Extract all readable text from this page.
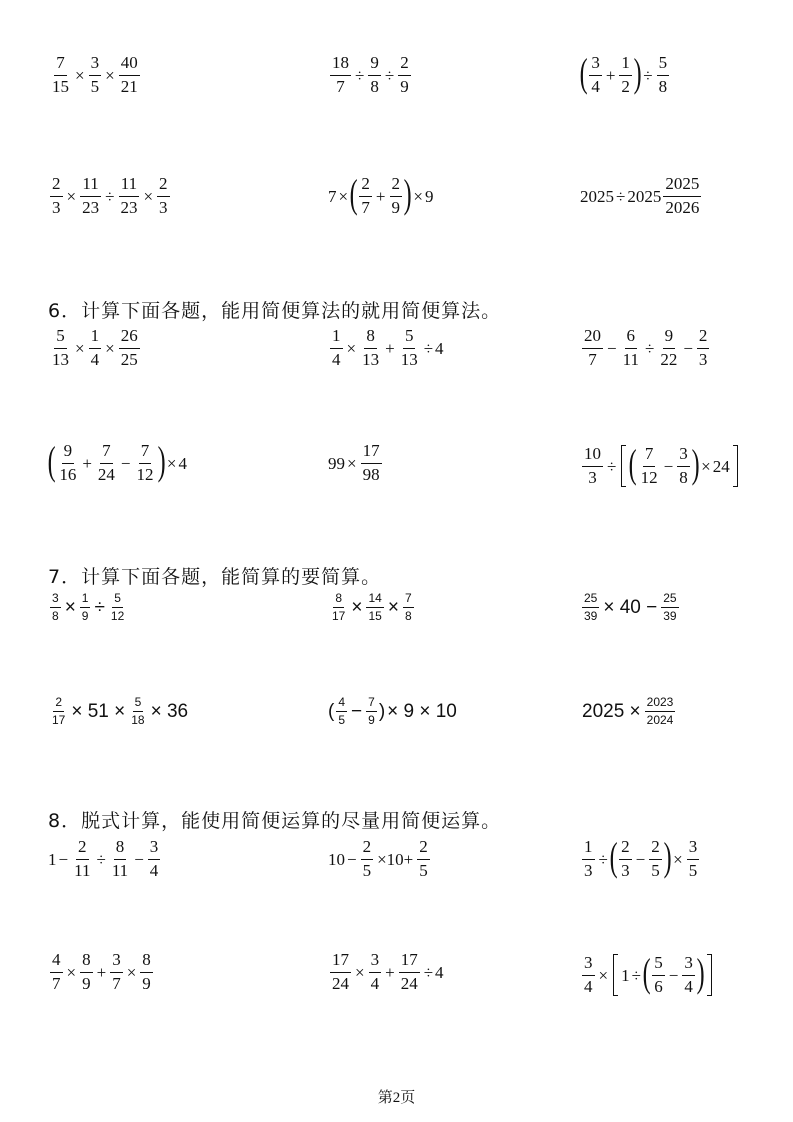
$\frac{7}{15} \times \frac{3}{5} \times \frac{40}{21}$	$\frac{18}{7} \div \frac{9}{8} \div \frac{2}{9}$	( $\frac{3}{4} + \frac{1}{2}$ ) ÷ $\frac{5}{8}$
$\frac{2}{3} \times \frac{11}{23} \div \frac{11}{23} \times \frac{2}{3}$	7 × ( $\frac{2}{7} + \frac{2}{9}$ ) × 9	$2025 \div 2025 \frac{2025}{2026}$
6．计算下面各题，能用简便算法的就用简便算法。
$\frac{5}{13} \times \frac{1}{4} \times \frac{26}{25}$	$\frac{1}{4} \times \frac{8}{13} + \frac{5}{13} \div 4$	$\frac{20}{7} - \frac{6}{11} \div \frac{9}{22} - \frac{2}{3}$
( $\frac{9}{16} + \frac{7}{24} - \frac{7}{12}$ ) × 4	$99 \times \frac{17}{98}$	$\frac{10}{3}$ ÷ ( $\frac{7}{12} - \frac{3}{8}$ ) × 24
7．计算下面各题，能简算的要简算。
$\frac{3}{8} \times \frac{1}{9} \div \frac{5}{12}$	$\frac{8}{17} \times \frac{14}{15} \times \frac{7}{8}$	$\frac{25}{39} \times 40 - \frac{25}{39}$
$\frac{2}{17} \times 51 \times \frac{5}{18} \times 36$	( $\frac{4}{5} - \frac{7}{9}$ ) × 9 × 10	$2025 \times \frac{2023}{2024}$
8．脱式计算，能使用简便运算的尽量用简便运算。
$1 - \frac{2}{11} \div \frac{8}{11} - \frac{3}{4}$	$10 - \frac{2}{5} \times 10+ \frac{2}{5}$	$\frac{1}{3}$ ÷ ( $\frac{2}{3} - \frac{2}{5}$ ) × $\frac{3}{5}$
$\frac{4}{7} \times \frac{8}{9} + \frac{3}{7} \times \frac{8}{9}$	$\frac{17}{24} \times \frac{3}{4} + \frac{17}{24} \div 4$	$\frac{3}{4} \times 1$ ÷ ( $\frac{5}{6} - \frac{3}{4}$ )
第2页
